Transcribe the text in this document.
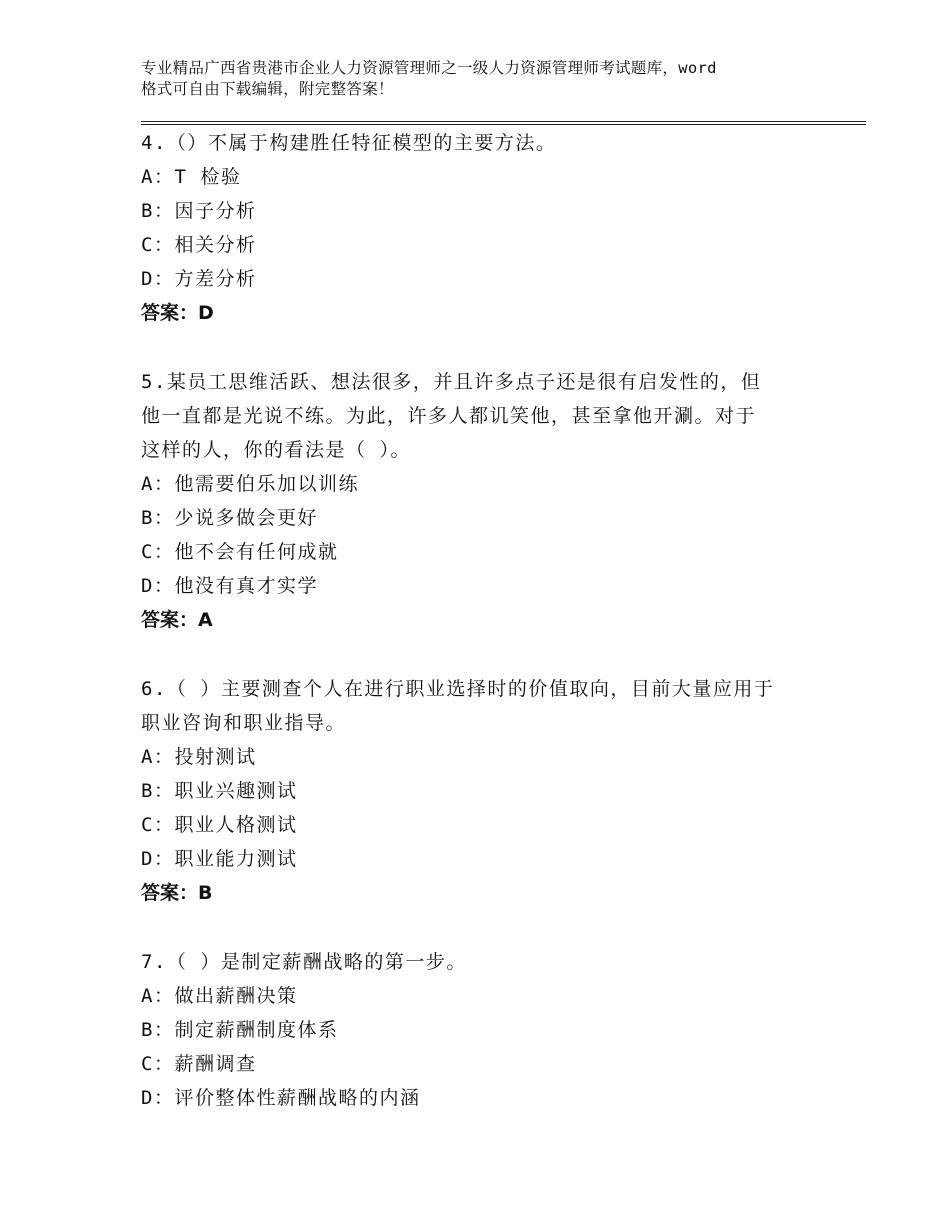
专业精品广西省贵港市企业人力资源管理师之一级人力资源管理师考试题库，word
格式可自由下载编辑，附完整答案！
4.（）不属于构建胜任特征模型的主要方法。
A：T 检验
B：因子分析
C：相关分析
D：方差分析
答案：D
5.某员工思维活跃、想法很多，并且许多点子还是很有启发性的，但
他一直都是光说不练。为此，许多人都讥笑他，甚至拿他开涮。对于
这样的人，你的看法是（ ）。
A：他需要伯乐加以训练
B：少说多做会更好
C：他不会有任何成就
D：他没有真才实学
答案：A
6.（ ）主要测查个人在进行职业选择时的价值取向，目前大量应用于
职业咨询和职业指导。
A：投射测试
B：职业兴趣测试
C：职业人格测试
D：职业能力测试
答案：B
7.（ ）是制定薪酬战略的第一步。
A：做出薪酬决策
B：制定薪酬制度体系
C：薪酬调查
D：评价整体性薪酬战略的内涵
